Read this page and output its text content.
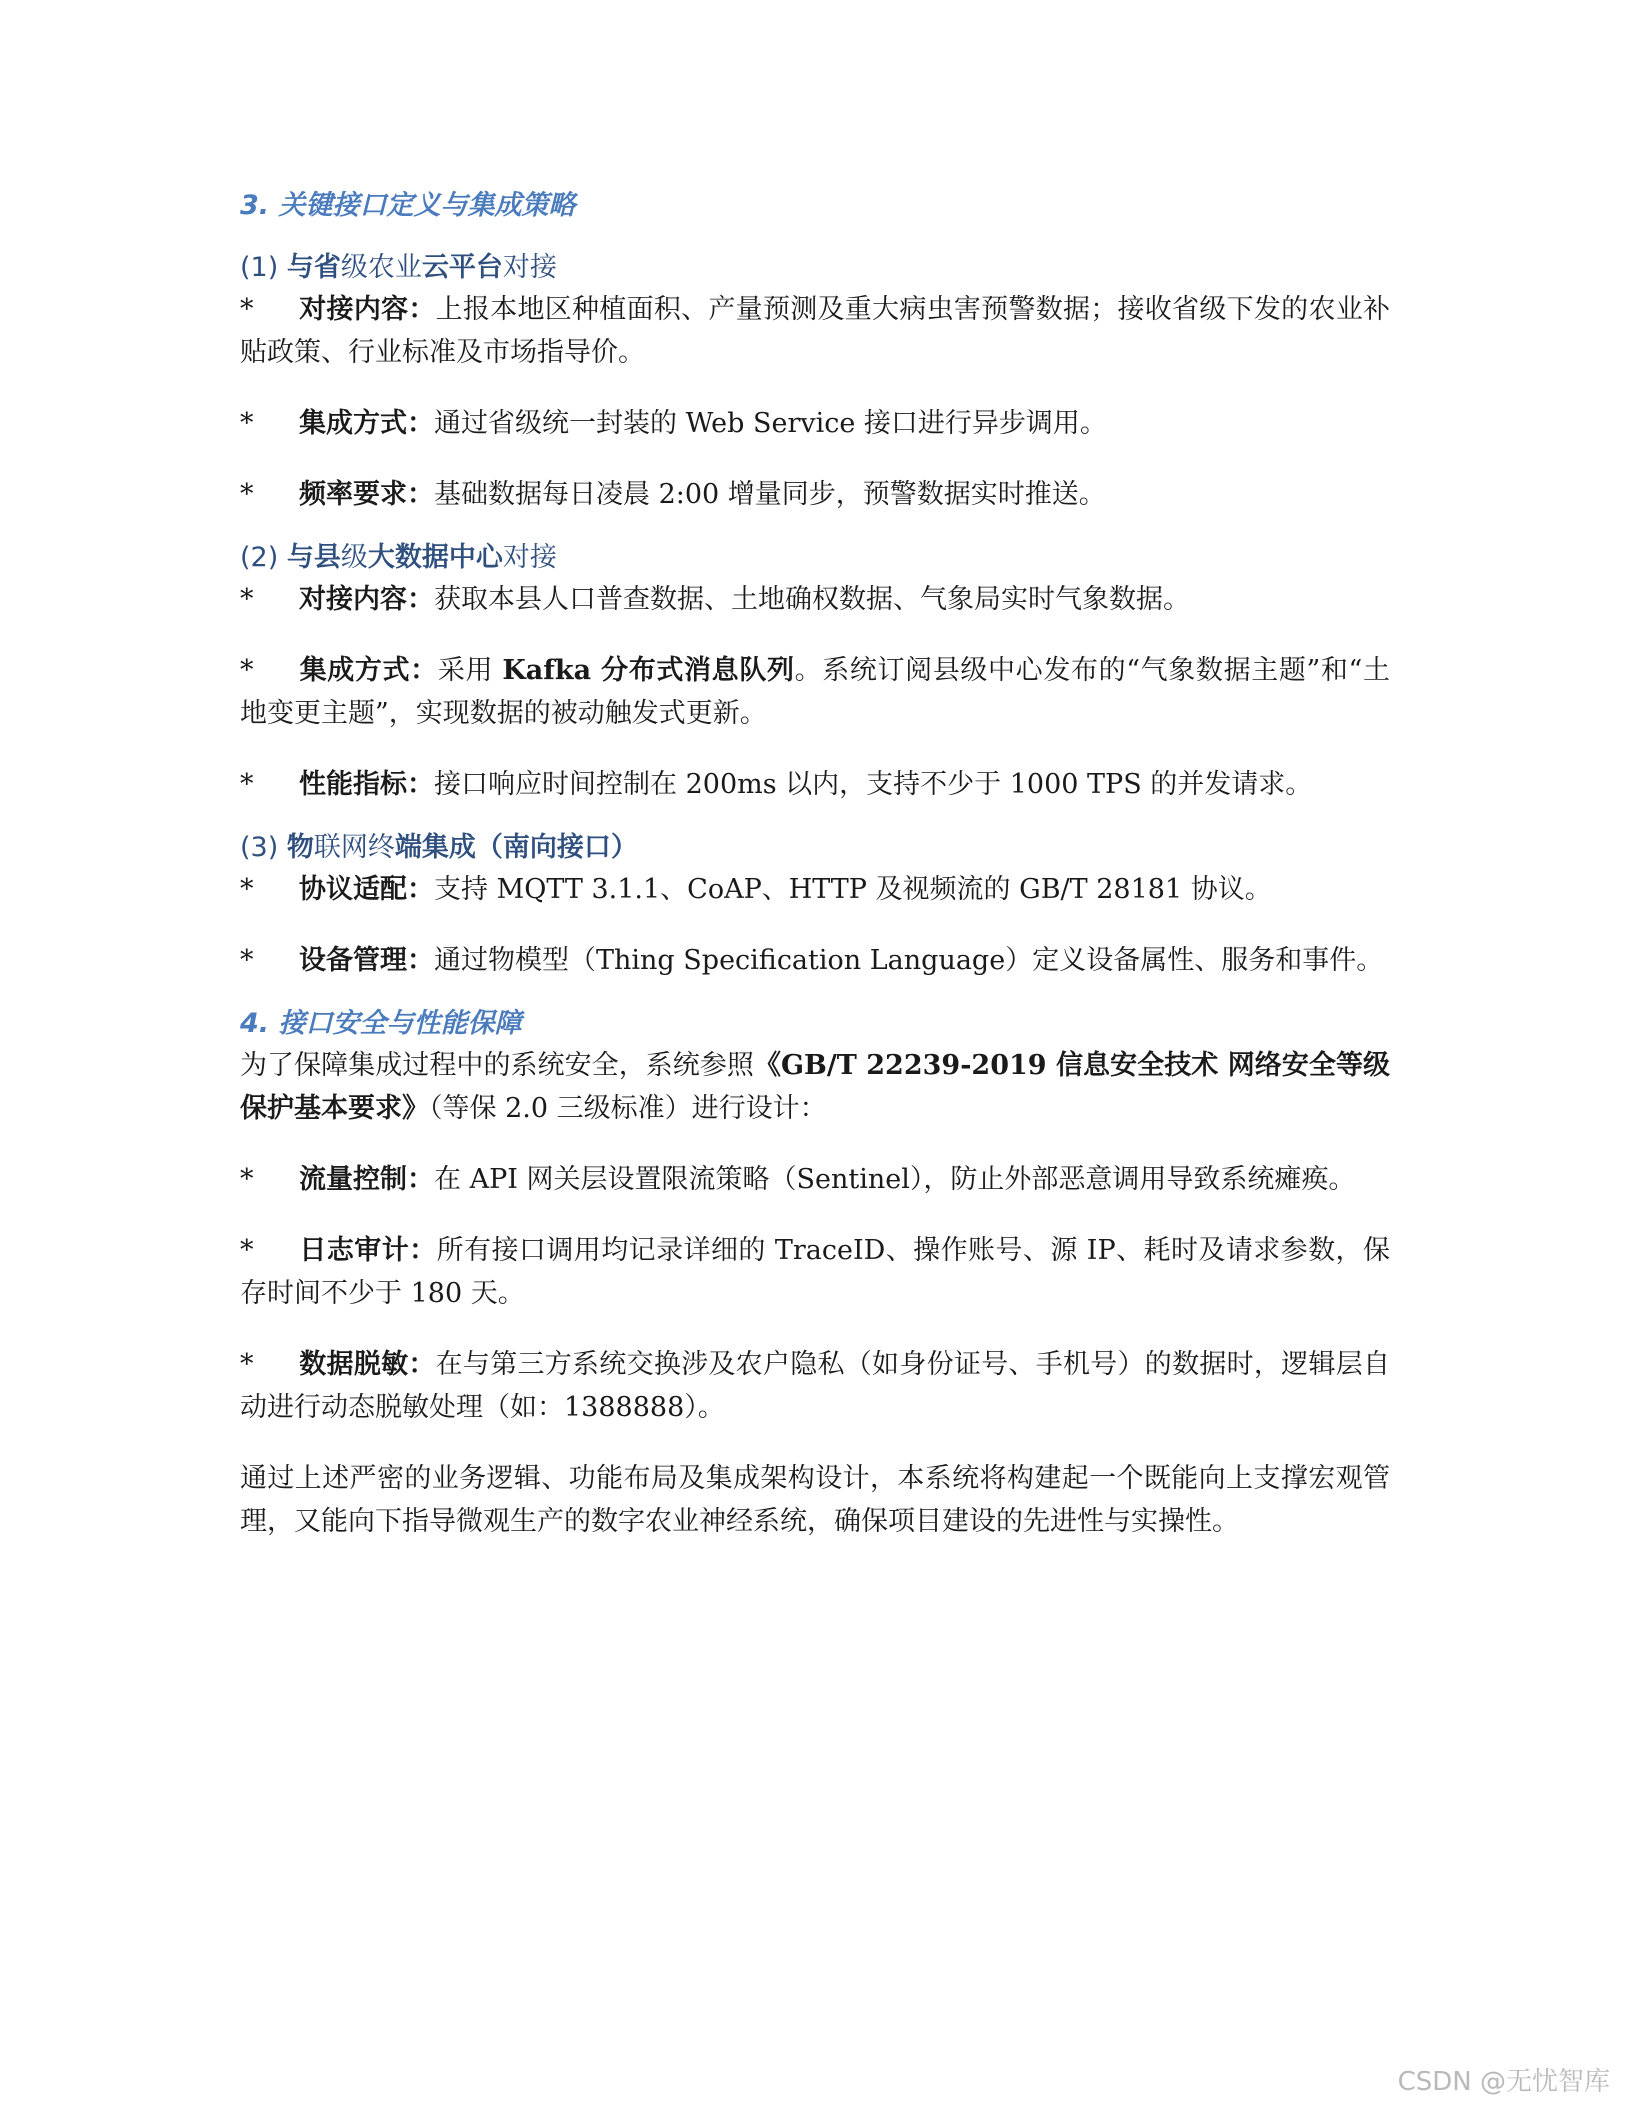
3. 关键接口定义与集成策略

(1) 与省级农业云平台对接

* 对接内容：上报本地区种植面积、产量预测及重大病虫害预警数据；接收省级下发的农业补贴政策、行业标准及市场指导价。

* 集成方式：通过省级统一封装的 Web Service 接口进行异步调用。

* 频率要求：基础数据每日凌晨 2:00 增量同步，预警数据实时推送。

(2) 与县级大数据中心对接

* 对接内容：获取本县人口普查数据、土地确权数据、气象局实时气象数据。

* 集成方式：采用 Kafka 分布式消息队列。系统订阅县级中心发布的“气象数据主题”和“土地变更主题”，实现数据的被动触发式更新。

* 性能指标：接口响应时间控制在 200ms 以内，支持不少于 1000 TPS 的并发请求。

(3) 物联网终端集成（南向接口）

* 协议适配：支持 MQTT 3.1.1、CoAP、HTTP 及视频流的 GB/T 28181 协议。

* 设备管理：通过物模型（Thing Specification Language）定义设备属性、服务和事件。

4. 接口安全与性能保障

为了保障集成过程中的系统安全，系统参照《GB/T 22239-2019 信息安全技术 网络安全等级保护基本要求》（等保 2.0 三级标准）进行设计：

* 流量控制：在 API 网关层设置限流策略（Sentinel），防止外部恶意调用导致系统瘫痪。

* 日志审计：所有接口调用均记录详细的 TraceID、操作账号、源 IP、耗时及请求参数，保存时间不少于 180 天。

* 数据脱敏：在与第三方系统交换涉及农户隐私（如身份证号、手机号）的数据时，逻辑层自动进行动态脱敏处理（如：1388888）。

通过上述严密的业务逻辑、功能布局及集成架构设计，本系统将构建起一个既能向上支撑宏观管理，又能向下指导微观生产的数字农业神经系统，确保项目建设的先进性与实操性。

CSDN @无忧智库
